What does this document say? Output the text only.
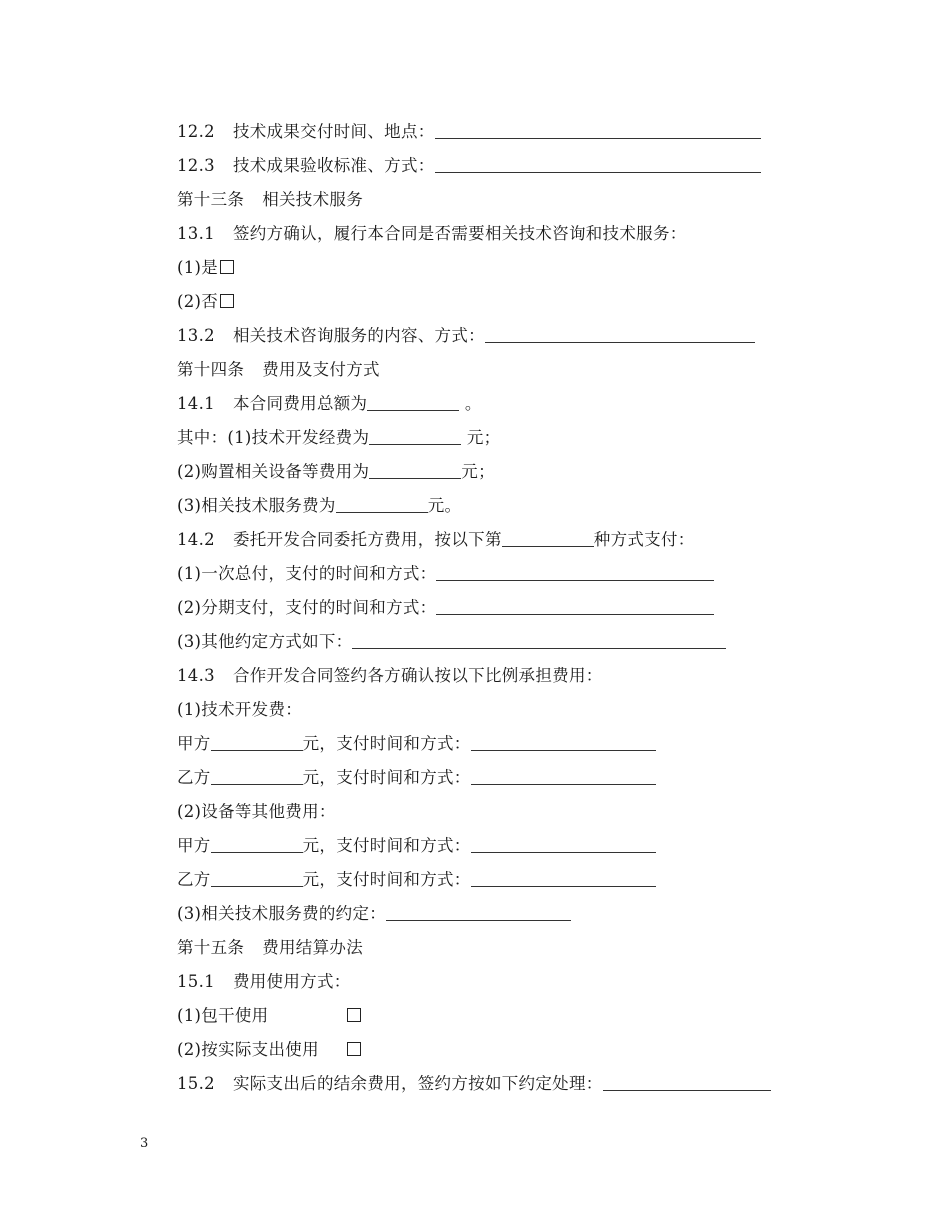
12.2 技术成果交付时间、地点：
12.3 技术成果验收标准、方式：
第十三条 相关技术服务
13.1 签约方确认，履行本合同是否需要相关技术咨询和技术服务：
(1)是
(2)否
13.2 相关技术咨询服务的内容、方式：
第十四条 费用及支付方式
14.1 本合同费用总额为	。
其中：(1)技术开发经费为	元；
(2)购置相关设备等费用为	元；
(3)相关技术服务费为	元。
14.2 委托开发合同委托方费用，按以下第	种方式支付：
(1)一次总付，支付的时间和方式：
(2)分期支付，支付的时间和方式：
(3)其他约定方式如下：
14.3 合作开发合同签约各方确认按以下比例承担费用：
(1)技术开发费：
甲方	元，支付时间和方式：
乙方	元，支付时间和方式：
(2)设备等其他费用：
甲方	元，支付时间和方式：
乙方	元，支付时间和方式：
(3)相关技术服务费的约定：
第十五条 费用结算办法
15.1 费用使用方式：
(1)包干使用
(2)按实际支出使用
15.2 实际支出后的结余费用，签约方按如下约定处理：
3
